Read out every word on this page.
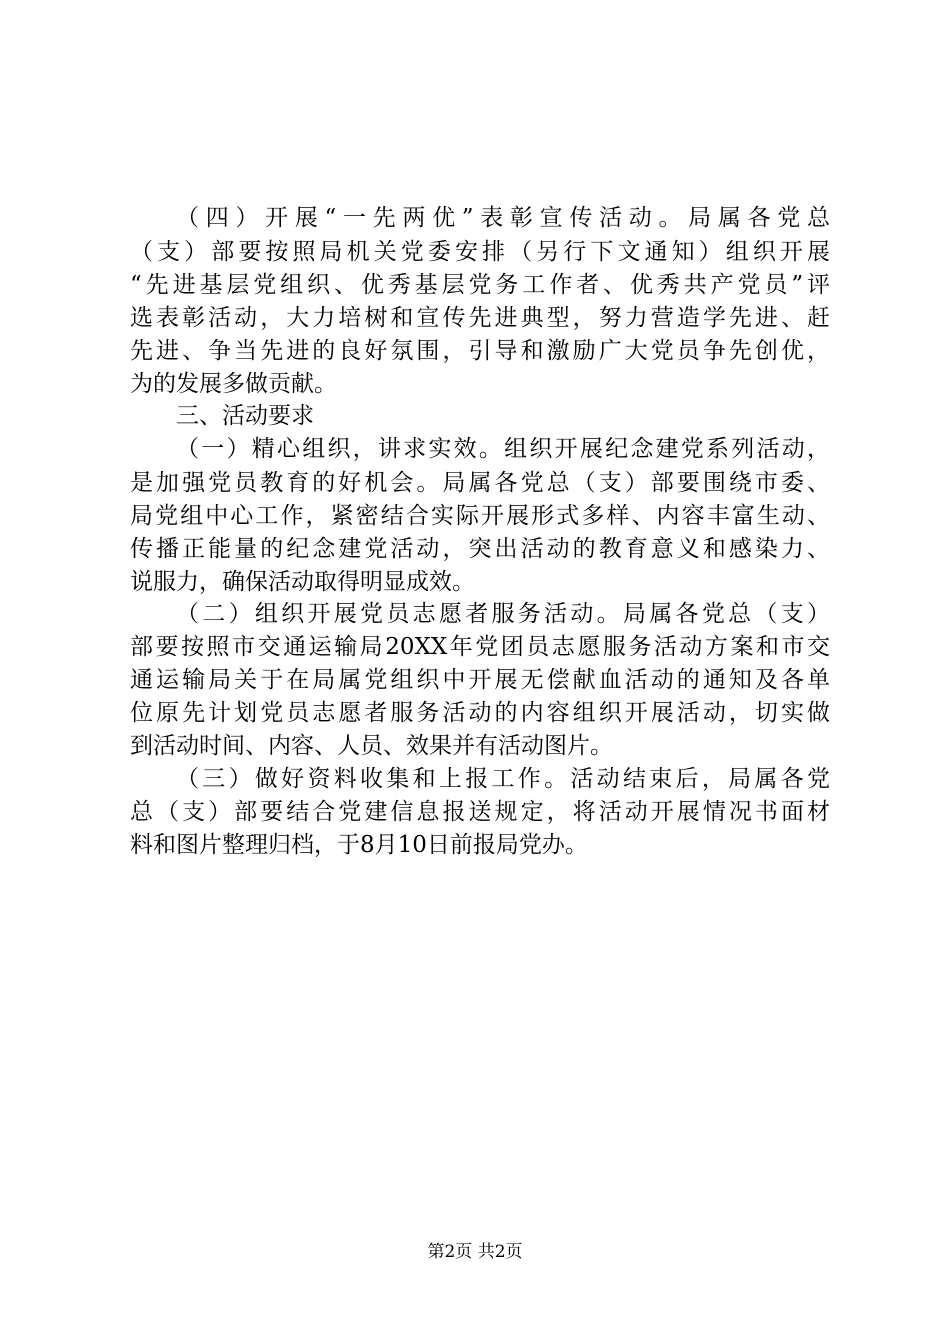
（四）开展“一先两优”表彰宣传活动。局属各党总
（支）部要按照局机关党委安排（另行下文通知）组织开展
“先进基层党组织、优秀基层党务工作者、优秀共产党员”评
选表彰活动，大力培树和宣传先进典型，努力营造学先进、赶
先进、争当先进的良好氛围，引导和激励广大党员争先创优，
为的发展多做贡献。
三、活动要求
（一）精心组织，讲求实效。组织开展纪念建党系列活动，
是加强党员教育的好机会。局属各党总（支）部要围绕市委、
局党组中心工作，紧密结合实际开展形式多样、内容丰富生动、
传播正能量的纪念建党活动，突出活动的教育意义和感染力、
说服力，确保活动取得明显成效。
（二）组织开展党员志愿者服务活动。局属各党总（支）
部要按照市交通运输局20XX年党团员志愿服务活动方案和市交
通运输局关于在局属党组织中开展无偿献血活动的通知及各单
位原先计划党员志愿者服务活动的内容组织开展活动，切实做
到活动时间、内容、人员、效果并有活动图片。
（三）做好资料收集和上报工作。活动结束后，局属各党
总（支）部要结合党建信息报送规定，将活动开展情况书面材
料和图片整理归档，于8月10日前报局党办。
第2页 共2页
